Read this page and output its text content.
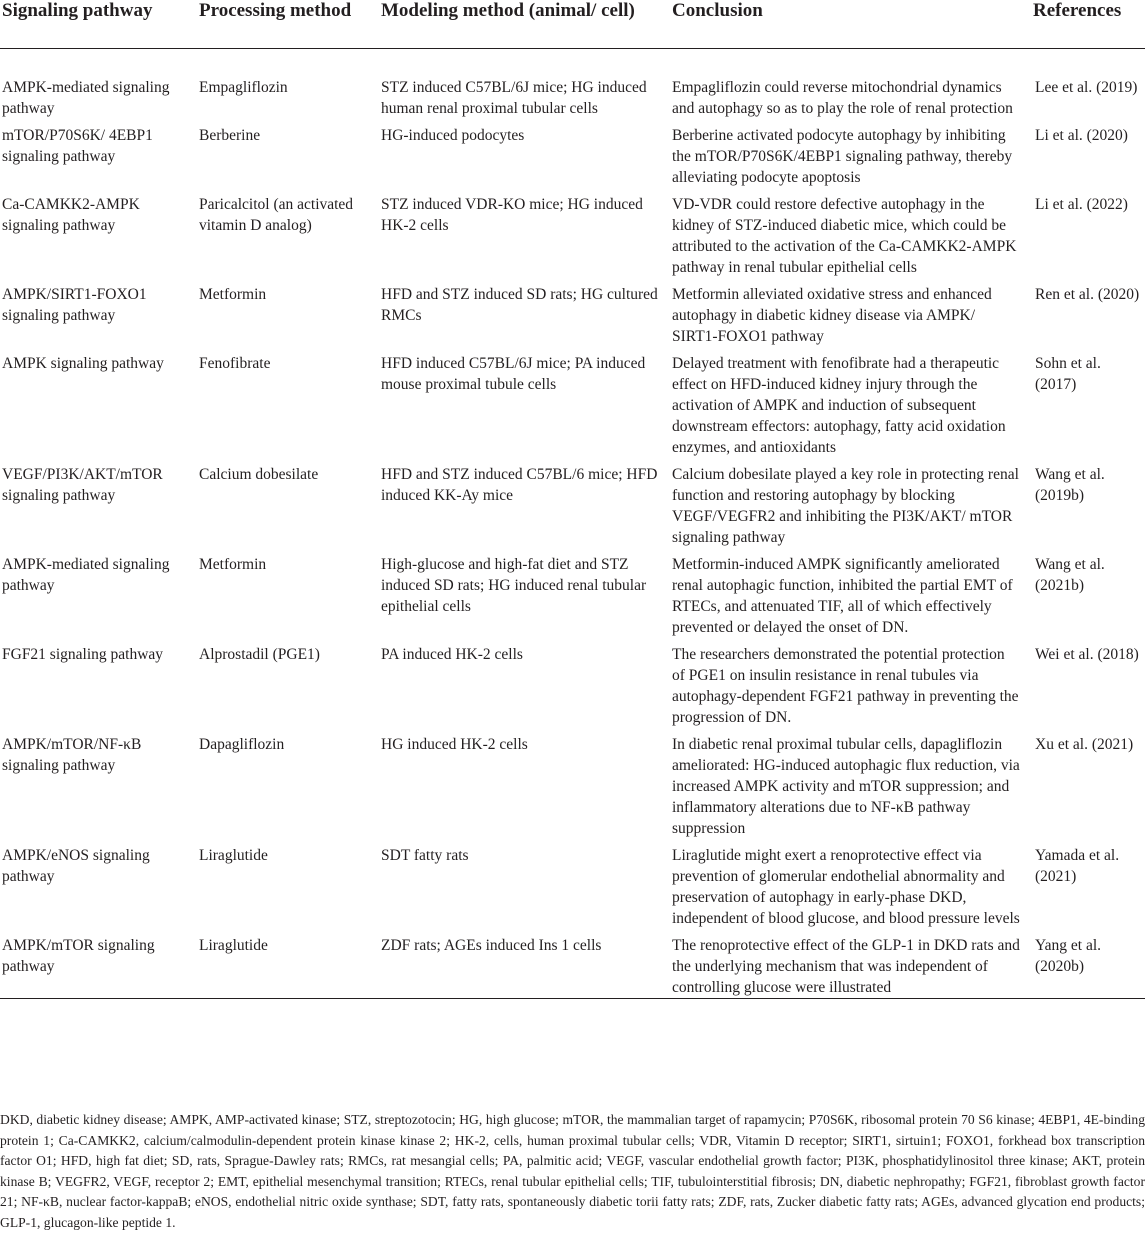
Signaling pathway	Processing method	Modeling method (animal/ cell)	Conclusion	References
AMPK-mediated signaling pathway	Empagliflozin	STZ induced C57BL/6J mice; HG induced human renal proximal tubular cells	Empagliflozin could reverse mitochondrial dynamics and autophagy so as to play the role of renal protection	Lee et al. (2019)
mTOR/P70S6K/ 4EBP1 signaling pathway	Berberine	HG-induced podocytes	Berberine activated podocyte autophagy by inhibiting the mTOR/P70S6K/4EBP1 signaling pathway, thereby alleviating podocyte apoptosis	Li et al. (2020)
Ca-CAMKK2-AMPK signaling pathway	Paricalcitol (an activated vitamin D analog)	STZ induced VDR-KO mice; HG induced HK-2 cells	VD-VDR could restore defective autophagy in the kidney of STZ-induced diabetic mice, which could be attributed to the activation of the Ca-CAMKK2-AMPK pathway in renal tubular epithelial cells	Li et al. (2022)
AMPK/SIRT1-FOXO1 signaling pathway	Metformin	HFD and STZ induced SD rats; HG cultured RMCs	Metformin alleviated oxidative stress and enhanced autophagy in diabetic kidney disease via AMPK/ SIRT1-FOXO1 pathway	Ren et al. (2020)
AMPK signaling pathway	Fenofibrate	HFD induced C57BL/6J mice; PA induced mouse proximal tubule cells	Delayed treatment with fenofibrate had a therapeutic effect on HFD-induced kidney injury through the activation of AMPK and induction of subsequent downstream effectors: autophagy, fatty acid oxidation enzymes, and antioxidants	Sohn et al. (2017)
VEGF/PI3K/AKT/mTOR signaling pathway	Calcium dobesilate	HFD and STZ induced C57BL/6 mice; HFD induced KK-Ay mice	Calcium dobesilate played a key role in protecting renal function and restoring autophagy by blocking VEGF/VEGFR2 and inhibiting the PI3K/AKT/ mTOR signaling pathway	Wang et al. (2019b)
AMPK-mediated signaling pathway	Metformin	High-glucose and high-fat diet and STZ induced SD rats; HG induced renal tubular epithelial cells	Metformin-induced AMPK significantly ameliorated renal autophagic function, inhibited the partial EMT of RTECs, and attenuated TIF, all of which effectively prevented or delayed the onset of DN.	Wang et al. (2021b)
FGF21 signaling pathway	Alprostadil (PGE1)	PA induced HK-2 cells	The researchers demonstrated the potential protection of PGE1 on insulin resistance in renal tubules via autophagy-dependent FGF21 pathway in preventing the progression of DN.	Wei et al. (2018)
AMPK/mTOR/NF-κB signaling pathway	Dapagliflozin	HG induced HK-2 cells	In diabetic renal proximal tubular cells, dapagliflozin ameliorated: HG-induced autophagic flux reduction, via increased AMPK activity and mTOR suppression; and inflammatory alterations due to NF-κB pathway suppression	Xu et al. (2021)
AMPK/eNOS signaling pathway	Liraglutide	SDT fatty rats	Liraglutide might exert a renoprotective effect via prevention of glomerular endothelial abnormality and preservation of autophagy in early-phase DKD, independent of blood glucose, and blood pressure levels	Yamada et al. (2021)
AMPK/mTOR signaling pathway	Liraglutide	ZDF rats; AGEs induced Ins 1 cells	The renoprotective effect of the GLP-1 in DKD rats and the underlying mechanism that was independent of controlling glucose were illustrated	Yang et al. (2020b)
DKD, diabetic kidney disease; AMPK, AMP-activated kinase; STZ, streptozotocin; HG, high glucose; mTOR, the mammalian target of rapamycin; P70S6K, ribosomal protein 70 S6 kinase; 4EBP1, 4E-binding protein 1; Ca-CAMKK2, calcium/calmodulin-dependent protein kinase kinase 2; HK-2, cells, human proximal tubular cells; VDR, Vitamin D receptor; SIRT1, sirtuin1; FOXO1, forkhead box transcription factor O1; HFD, high fat diet; SD, rats, Sprague-Dawley rats; RMCs, rat mesangial cells; PA, palmitic acid; VEGF, vascular endothelial growth factor; PI3K, phosphatidylinositol three kinase; AKT, protein kinase B; VEGFR2, VEGF, receptor 2; EMT, epithelial mesenchymal transition; RTECs, renal tubular epithelial cells; TIF, tubulointerstitial fibrosis; DN, diabetic nephropathy; FGF21, fibroblast growth factor 21; NF-κB, nuclear factor-kappaB; eNOS, endothelial nitric oxide synthase; SDT, fatty rats, spontaneously diabetic torii fatty rats; ZDF, rats, Zucker diabetic fatty rats; AGEs, advanced glycation end products; GLP-1, glucagon-like peptide 1.
